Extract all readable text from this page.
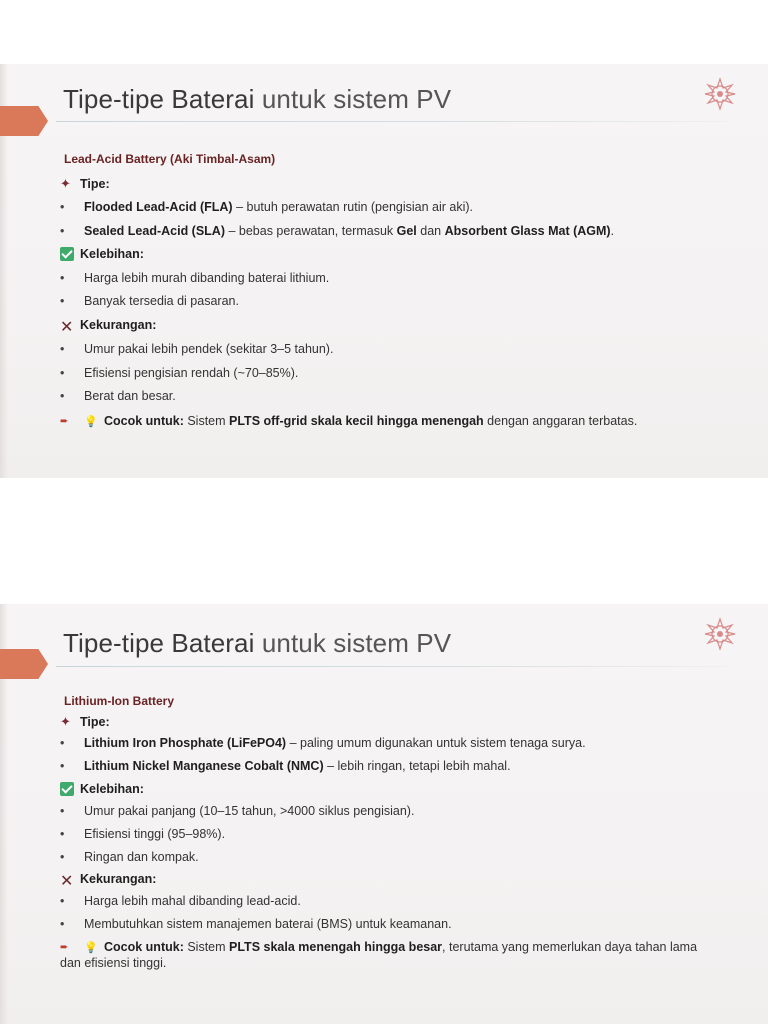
Tipe-tipe Baterai untuk sistem PV
Lead-Acid Battery (Aki Timbal-Asam)
✦ Tipe:
• Flooded Lead-Acid (FLA) – butuh perawatan rutin (pengisian air aki).
• Sealed Lead-Acid (SLA) – bebas perawatan, termasuk Gel dan Absorbent Glass Mat (AGM).
Kelebihan:
• Harga lebih murah dibanding baterai lithium.
• Banyak tersedia di pasaran.
✕ Kekurangan:
• Umur pakai lebih pendek (sekitar 3–5 tahun).
• Efisiensi pengisian rendah (~70–85%).
• Berat dan besar.
➨ 💡 Cocok untuk: Sistem PLTS off-grid skala kecil hingga menengah dengan anggaran terbatas.
Tipe-tipe Baterai untuk sistem PV
Lithium-Ion Battery
✦ Tipe:
• Lithium Iron Phosphate (LiFePO4) – paling umum digunakan untuk sistem tenaga surya.
• Lithium Nickel Manganese Cobalt (NMC) – lebih ringan, tetapi lebih mahal.
Kelebihan:
• Umur pakai panjang (10–15 tahun, >4000 siklus pengisian).
• Efisiensi tinggi (95–98%).
• Ringan dan kompak.
✕ Kekurangan:
• Harga lebih mahal dibanding lead-acid.
• Membutuhkan sistem manajemen baterai (BMS) untuk keamanan.
➨ 💡 Cocok untuk: Sistem PLTS skala menengah hingga besar, terutama yang memerlukan daya tahan lama dan efisiensi tinggi.
